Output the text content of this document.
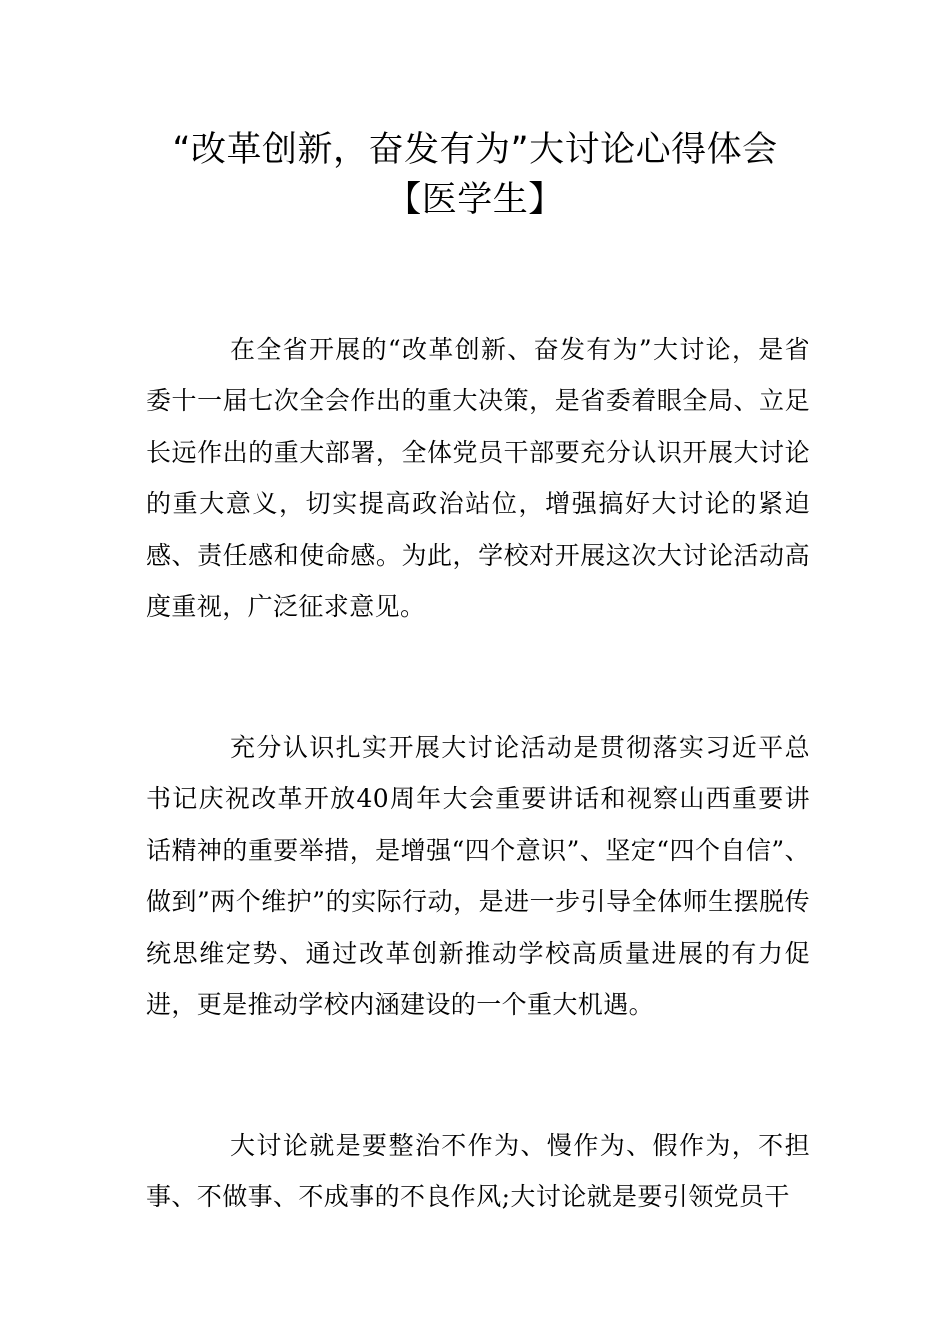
“改革创新，奋发有为”大讨论心得体会
【医学生】

在全省开展的“改革创新、奋发有为”大讨论，是省委十一届七次全会作出的重大决策，是省委着眼全局、立足长远作出的重大部署，全体党员干部要充分认识开展大讨论的重大意义，切实提高政治站位，增强搞好大讨论的紧迫感、责任感和使命感。为此，学校对开展这次大讨论活动高度重视，广泛征求意见。

充分认识扎实开展大讨论活动是贯彻落实习近平总书记庆祝改革开放40周年大会重要讲话和视察山西重要讲话精神的重要举措，是增强“四个意识”、坚定“四个自信”、做到”两个维护”的实际行动，是进一步引导全体师生摆脱传统思维定势、通过改革创新推动学校高质量进展的有力促进，更是推动学校内涵建设的一个重大机遇。

大讨论就是要整治不作为、慢作为、假作为，不担事、不做事、不成事的不良作风;大讨论就是要引领党员干
